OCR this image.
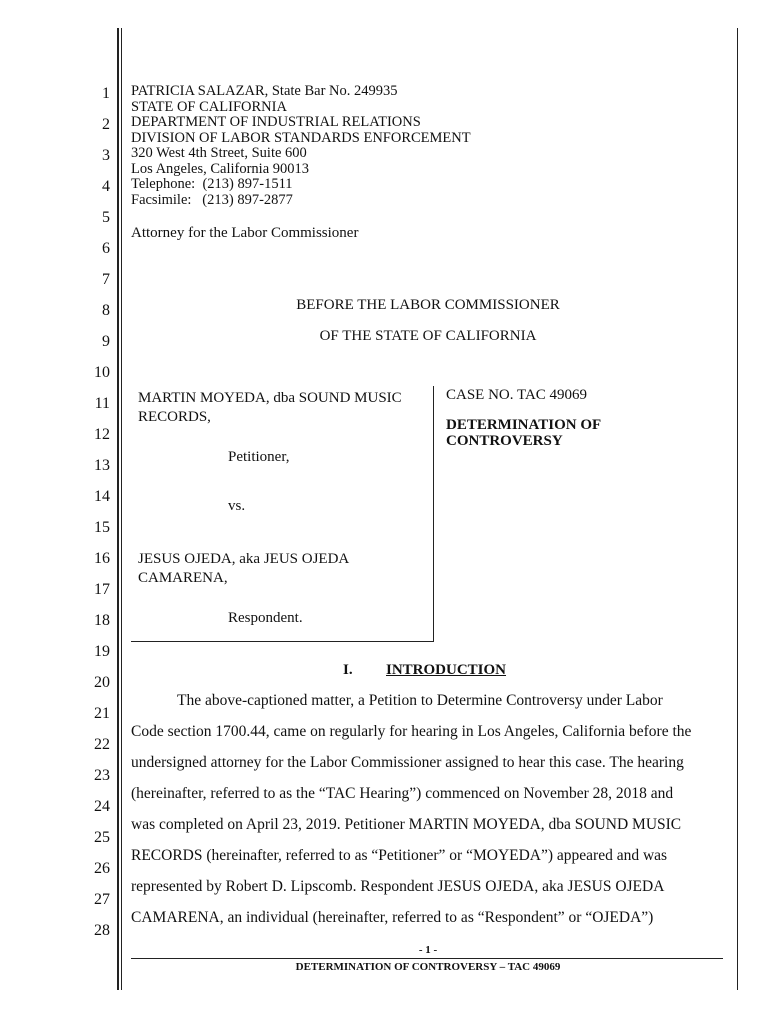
1
2
3
4
5
6
7
8
9
10
11
12
13
14
15
16
17
18
19
20
21
22
23
24
25
26
27
28
PATRICIA SALAZAR, State Bar No. 249935
STATE OF CALIFORNIA
DEPARTMENT OF INDUSTRIAL RELATIONS
DIVISION OF LABOR STANDARDS ENFORCEMENT
320 West 4th Street, Suite 600
Los Angeles, California 90013
Telephone:  (213) 897-1511
Facsimile:   (213) 897-2877
Attorney for the Labor Commissioner
BEFORE THE LABOR COMMISSIONER
OF THE STATE OF CALIFORNIA
MARTIN MOYEDA, dba SOUND MUSIC
RECORDS,
Petitioner,
vs.
JESUS OJEDA, aka JEUS OJEDA
CAMARENA,
Respondent.
CASE NO. TAC 49069
DETERMINATION OF
CONTROVERSY
I. INTRODUCTION
The above-captioned matter, a Petition to Determine Controversy under Labor
Code section 1700.44, came on regularly for hearing in Los Angeles, California before the
undersigned attorney for the Labor Commissioner assigned to hear this case. The hearing
(hereinafter, referred to as the “TAC Hearing”) commenced on November 28, 2018 and
was completed on April 23, 2019. Petitioner MARTIN MOYEDA, dba SOUND MUSIC
RECORDS (hereinafter, referred to as “Petitioner” or “MOYEDA”) appeared and was
represented by Robert D. Lipscomb. Respondent JESUS OJEDA, aka JESUS OJEDA
CAMARENA, an individual (hereinafter, referred to as “Respondent” or “OJEDA”)
- 1 -
DETERMINATION OF CONTROVERSY – TAC 49069
